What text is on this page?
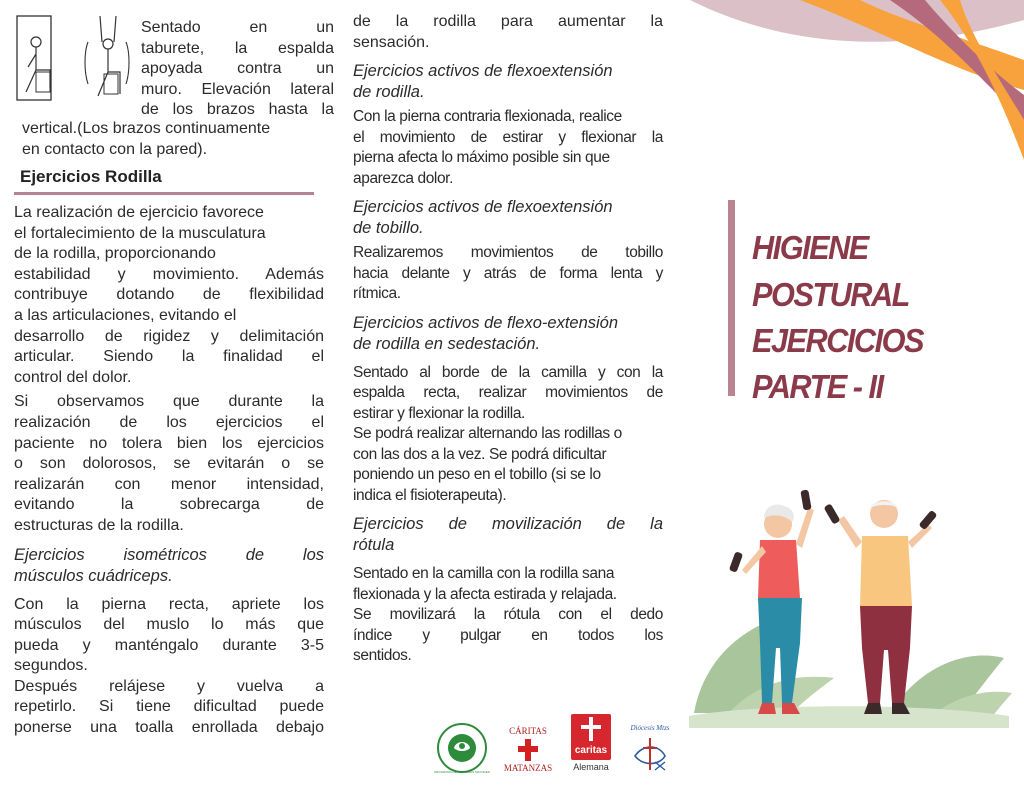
Sentado en un
taburete, la espalda
apoyada contra un
muro. Elevación lateral
de los brazos hasta la
vertical.(Los brazos continuamente
en contacto con la pared).
Ejercicios Rodilla
La realización de ejercicio favorece
el fortalecimiento de la musculatura
de la rodilla, proporcionando
estabilidad y movimiento. Además
contribuye dotando de flexibilidad
a las articulaciones, evitando el
desarrollo de rigidez y delimitación
articular. Siendo la finalidad el
control del dolor.
Si observamos que durante la
realización de los ejercicios el
paciente no tolera bien los ejercicios
o son dolorosos, se evitarán o se
realizarán con menor intensidad,
evitando la sobrecarga de
estructuras de la rodilla.
Ejercicios isométricos de los
músculos cuádriceps.
Con la pierna recta, apriete los
músculos del muslo lo más que
pueda y manténgalo durante 3-5
segundos.
Después relájese y vuelva a
repetirlo. Si tiene dificultad puede
ponerse una toalla enrollada debajo
de la rodilla para aumentar la
sensación.
Ejercicios activos de flexoextensión
de rodilla.
Con la pierna contraria flexionada, realice
el movimiento de estirar y flexionar la
pierna afecta lo máximo posible sin que
aparezca dolor.
Ejercicios activos de flexoextensión
de tobillo.
Realizaremos movimientos de tobillo
hacia delante y atrás de forma lenta y
rítmica.
Ejercicios activos de flexo-extensión
de rodilla en sedestación.
Sentado al borde de la camilla y con la
espalda recta, realizar movimientos de
estirar y flexionar la rodilla.
Se podrá realizar alternando las rodillas o
con las dos a la vez. Se podrá dificultar
poniendo un peso en el tobillo (si se lo
indica el fisioterapeuta).
Ejercicios de movilización de la
rótula
Sentado en la camilla con la rodilla sana
flexionada y la afecta estirada y relajada.
Se movilizará la rótula con el dedo
índice y pulgar en todos los
sentidos.
HIGIENE
POSTURAL
EJERCICIOS
PARTE - II
PROGRAMA DE PERSONAS MAYORES
CÁRITAS
MATANZAS
caritas
Alemana
Diócesis Mtzs
